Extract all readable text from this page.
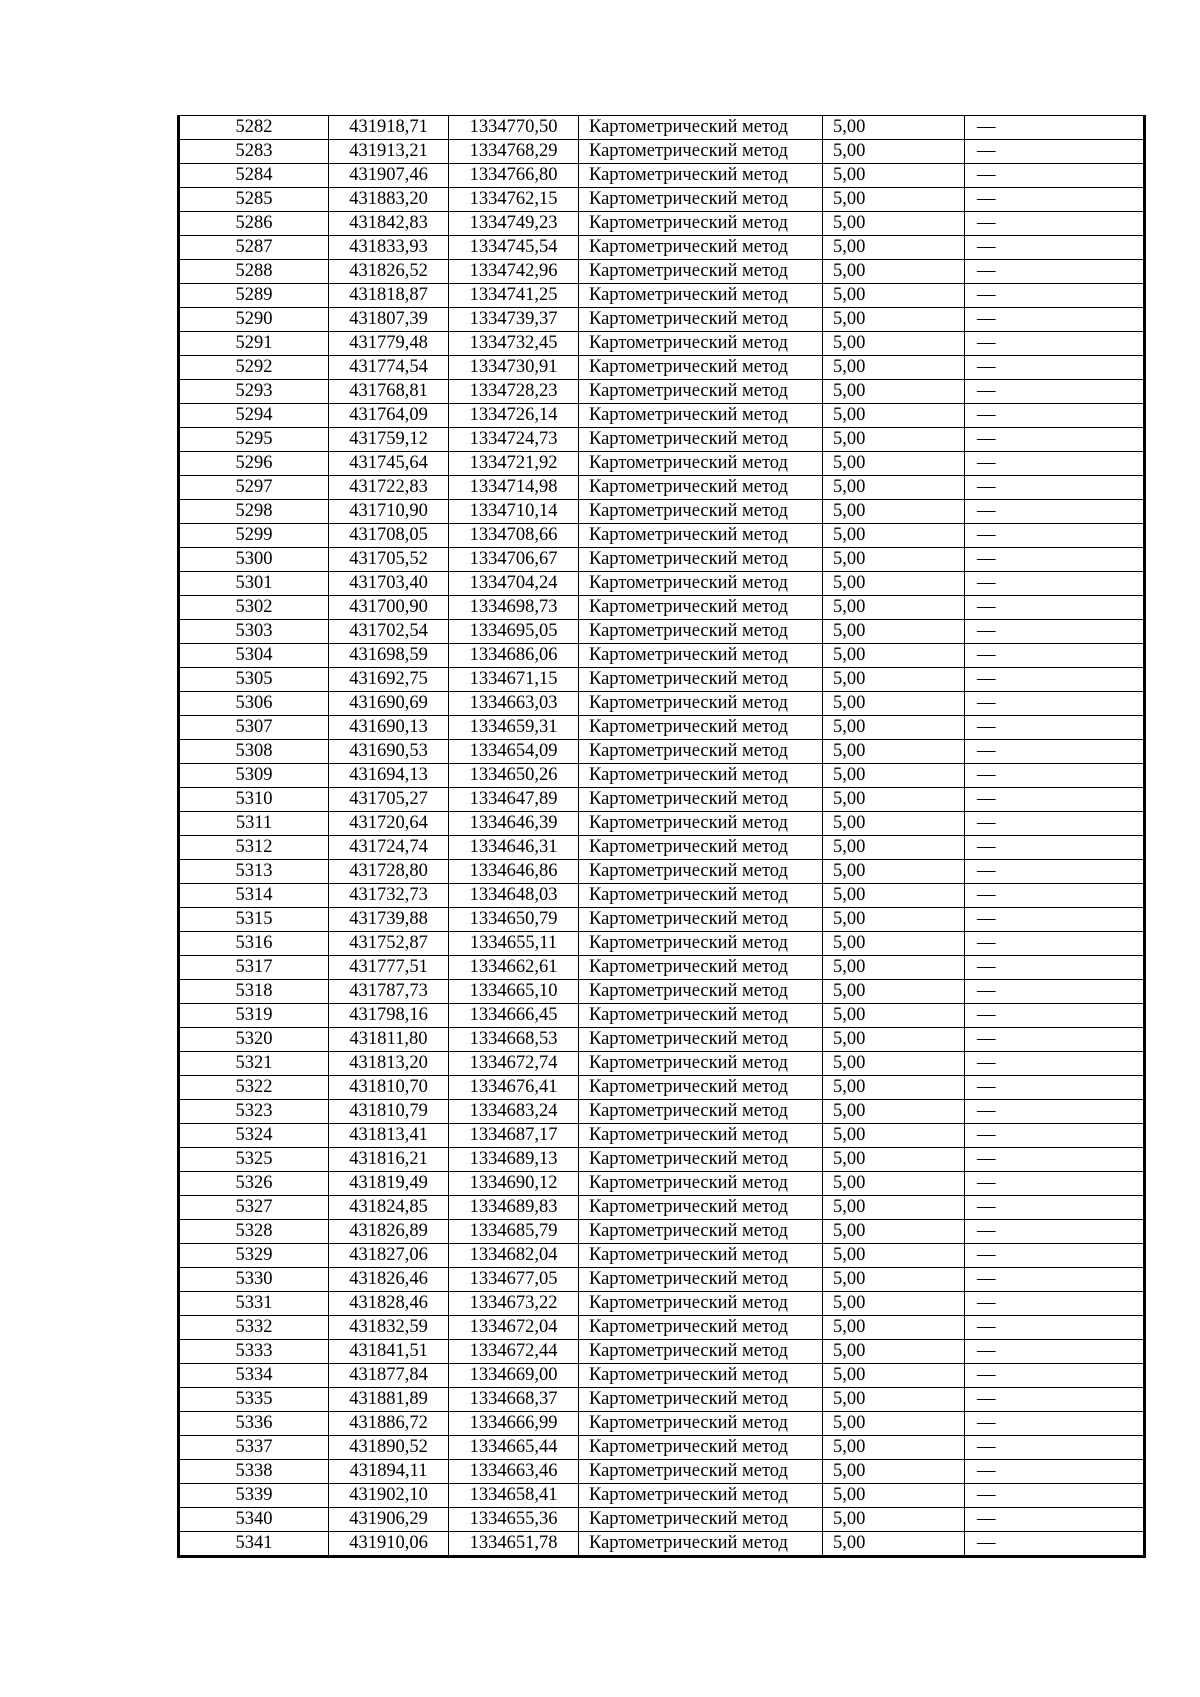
5282	431918,71	1334770,50	Картометрический метод	5,00	—
5283	431913,21	1334768,29	Картометрический метод	5,00	—
5284	431907,46	1334766,80	Картометрический метод	5,00	—
5285	431883,20	1334762,15	Картометрический метод	5,00	—
5286	431842,83	1334749,23	Картометрический метод	5,00	—
5287	431833,93	1334745,54	Картометрический метод	5,00	—
5288	431826,52	1334742,96	Картометрический метод	5,00	—
5289	431818,87	1334741,25	Картометрический метод	5,00	—
5290	431807,39	1334739,37	Картометрический метод	5,00	—
5291	431779,48	1334732,45	Картометрический метод	5,00	—
5292	431774,54	1334730,91	Картометрический метод	5,00	—
5293	431768,81	1334728,23	Картометрический метод	5,00	—
5294	431764,09	1334726,14	Картометрический метод	5,00	—
5295	431759,12	1334724,73	Картометрический метод	5,00	—
5296	431745,64	1334721,92	Картометрический метод	5,00	—
5297	431722,83	1334714,98	Картометрический метод	5,00	—
5298	431710,90	1334710,14	Картометрический метод	5,00	—
5299	431708,05	1334708,66	Картометрический метод	5,00	—
5300	431705,52	1334706,67	Картометрический метод	5,00	—
5301	431703,40	1334704,24	Картометрический метод	5,00	—
5302	431700,90	1334698,73	Картометрический метод	5,00	—
5303	431702,54	1334695,05	Картометрический метод	5,00	—
5304	431698,59	1334686,06	Картометрический метод	5,00	—
5305	431692,75	1334671,15	Картометрический метод	5,00	—
5306	431690,69	1334663,03	Картометрический метод	5,00	—
5307	431690,13	1334659,31	Картометрический метод	5,00	—
5308	431690,53	1334654,09	Картометрический метод	5,00	—
5309	431694,13	1334650,26	Картометрический метод	5,00	—
5310	431705,27	1334647,89	Картометрический метод	5,00	—
5311	431720,64	1334646,39	Картометрический метод	5,00	—
5312	431724,74	1334646,31	Картометрический метод	5,00	—
5313	431728,80	1334646,86	Картометрический метод	5,00	—
5314	431732,73	1334648,03	Картометрический метод	5,00	—
5315	431739,88	1334650,79	Картометрический метод	5,00	—
5316	431752,87	1334655,11	Картометрический метод	5,00	—
5317	431777,51	1334662,61	Картометрический метод	5,00	—
5318	431787,73	1334665,10	Картометрический метод	5,00	—
5319	431798,16	1334666,45	Картометрический метод	5,00	—
5320	431811,80	1334668,53	Картометрический метод	5,00	—
5321	431813,20	1334672,74	Картометрический метод	5,00	—
5322	431810,70	1334676,41	Картометрический метод	5,00	—
5323	431810,79	1334683,24	Картометрический метод	5,00	—
5324	431813,41	1334687,17	Картометрический метод	5,00	—
5325	431816,21	1334689,13	Картометрический метод	5,00	—
5326	431819,49	1334690,12	Картометрический метод	5,00	—
5327	431824,85	1334689,83	Картометрический метод	5,00	—
5328	431826,89	1334685,79	Картометрический метод	5,00	—
5329	431827,06	1334682,04	Картометрический метод	5,00	—
5330	431826,46	1334677,05	Картометрический метод	5,00	—
5331	431828,46	1334673,22	Картометрический метод	5,00	—
5332	431832,59	1334672,04	Картометрический метод	5,00	—
5333	431841,51	1334672,44	Картометрический метод	5,00	—
5334	431877,84	1334669,00	Картометрический метод	5,00	—
5335	431881,89	1334668,37	Картометрический метод	5,00	—
5336	431886,72	1334666,99	Картометрический метод	5,00	—
5337	431890,52	1334665,44	Картометрический метод	5,00	—
5338	431894,11	1334663,46	Картометрический метод	5,00	—
5339	431902,10	1334658,41	Картометрический метод	5,00	—
5340	431906,29	1334655,36	Картометрический метод	5,00	—
5341	431910,06	1334651,78	Картометрический метод	5,00	—
